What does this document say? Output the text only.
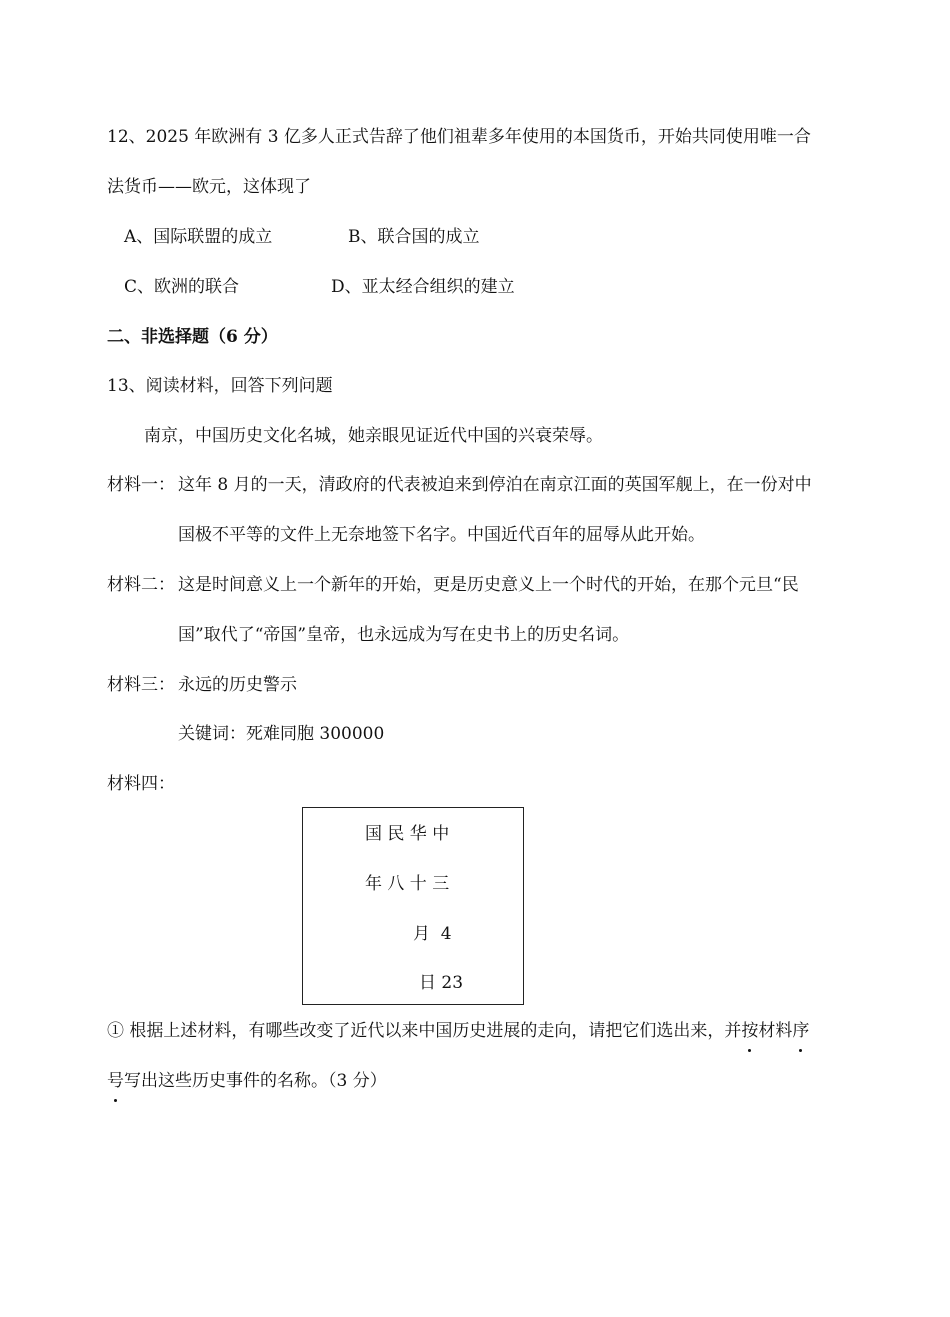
12、2025 年欧洲有 3 亿多人正式告辞了他们祖辈多年使用的本国货币，开始共同使用唯一合
法货币——欧元，这体现了
A、国际联盟的成立	B、联合国的成立
C、欧洲的联合	D、亚太经合组织的建立
二、非选择题（6 分）
13、阅读材料，回答下列问题
南京，中国历史文化名城，她亲眼见证近代中国的兴衰荣辱。
材料一： 这年 8 月的一天，清政府的代表被迫来到停泊在南京江面的英国军舰上，在一份对中
国极不平等的文件上无奈地签下名字。中国近代百年的屈辱从此开始。
材料二： 这是时间意义上一个新年的开始，更是历史意义上一个时代的开始，在那个元旦“民
国”取代了“帝国”皇帝，也永远成为写在史书上的历史名词。
材料三： 永远的历史警示
关键词：死难同胞 300000
材料四：
国 民 华 中
年 八 十 三
月  4
日 23
① 根据上述材料，有哪些改变了近代以来中国历史进展的走向，请把它们选出来，并按材料序
号写出这些历史事件的名称。（3 分）
